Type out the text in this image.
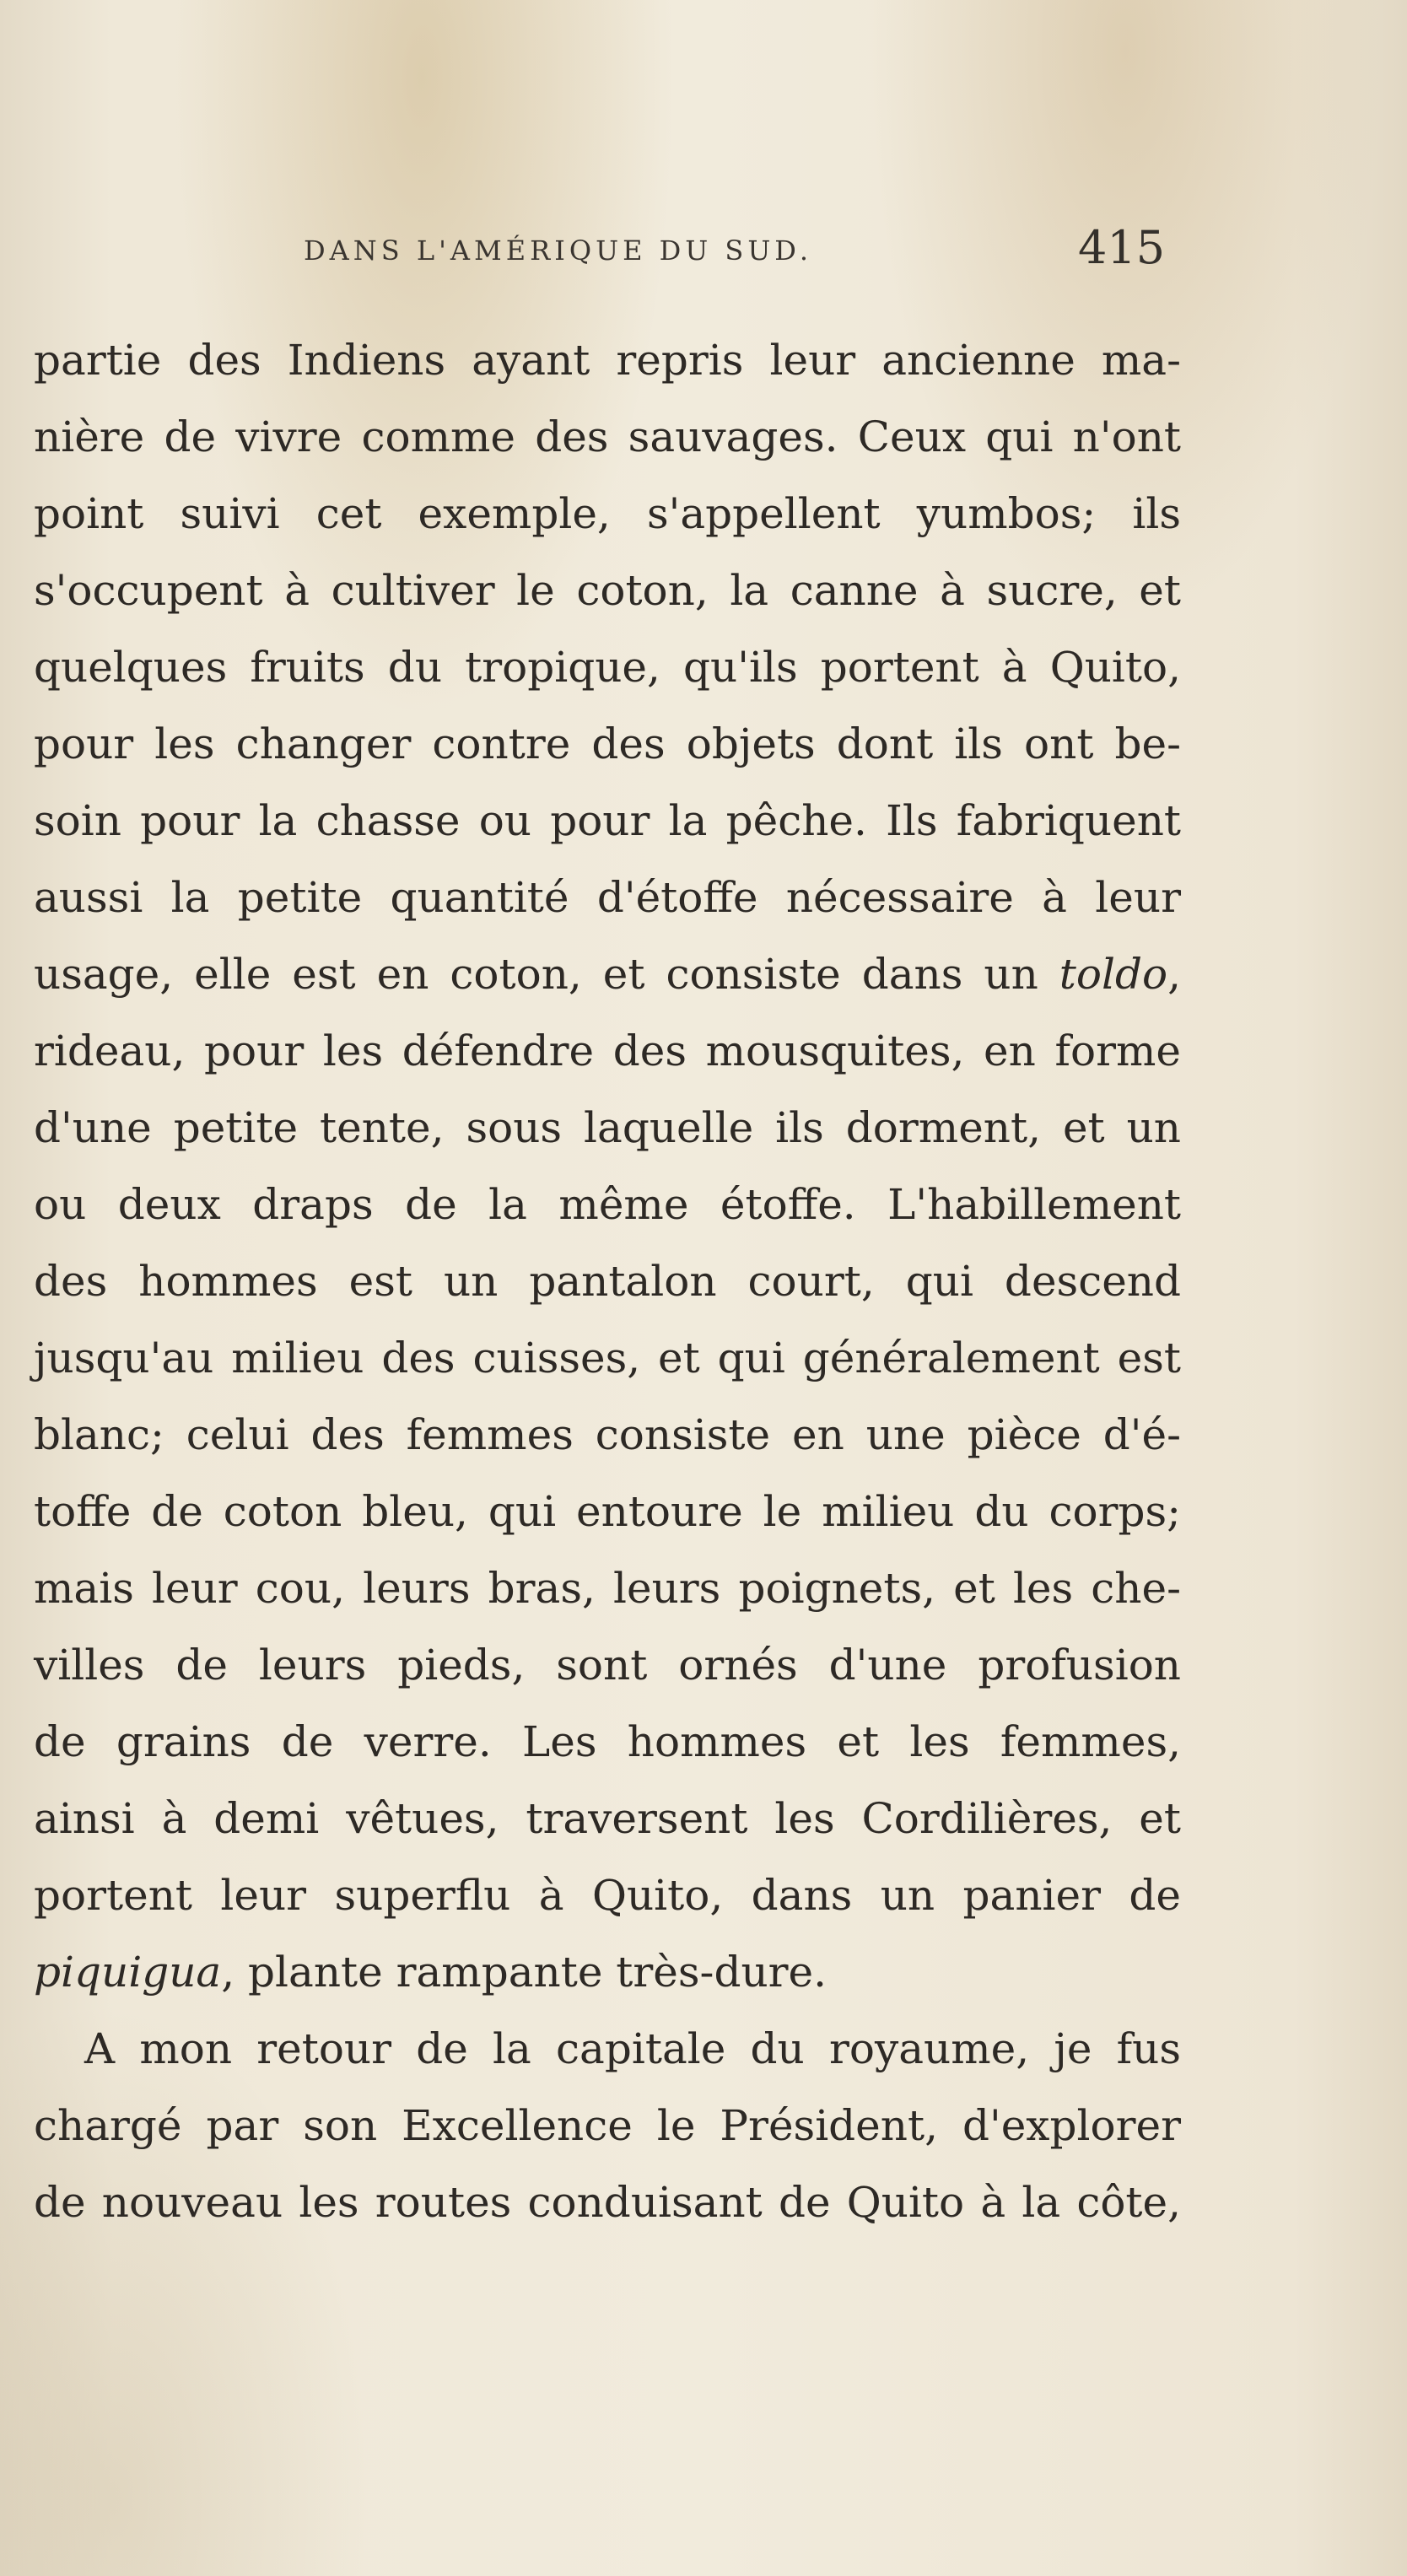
DANS L'AMÉRIQUE DU SUD.	415
partie des Indiens ayant repris leur ancienne ma-
nière de vivre comme des sauvages. Ceux qui n'ont
point suivi cet exemple, s'appellent yumbos; ils
s'occupent à cultiver le coton, la canne à sucre, et
quelques fruits du tropique, qu'ils portent à Quito,
pour les changer contre des objets dont ils ont be-
soin pour la chasse ou pour la pêche. Ils fabriquent
aussi la petite quantité d'étoffe nécessaire à leur
usage, elle est en coton, et consiste dans un toldo,
rideau, pour les défendre des mousquites, en forme
d'une petite tente, sous laquelle ils dorment, et un
ou deux draps de la même étoffe. L'habillement
des hommes est un pantalon court, qui descend
jusqu'au milieu des cuisses, et qui généralement est
blanc; celui des femmes consiste en une pièce d'é-
toffe de coton bleu, qui entoure le milieu du corps;
mais leur cou, leurs bras, leurs poignets, et les che-
villes de leurs pieds, sont ornés d'une profusion
de grains de verre. Les hommes et les femmes,
ainsi à demi vêtues, traversent les Cordilières, et
portent leur superflu à Quito, dans un panier de
piquigua, plante rampante très-dure.
A mon retour de la capitale du royaume, je fus
chargé par son Excellence le Président, d'explorer
de nouveau les routes conduisant de Quito à la côte,
